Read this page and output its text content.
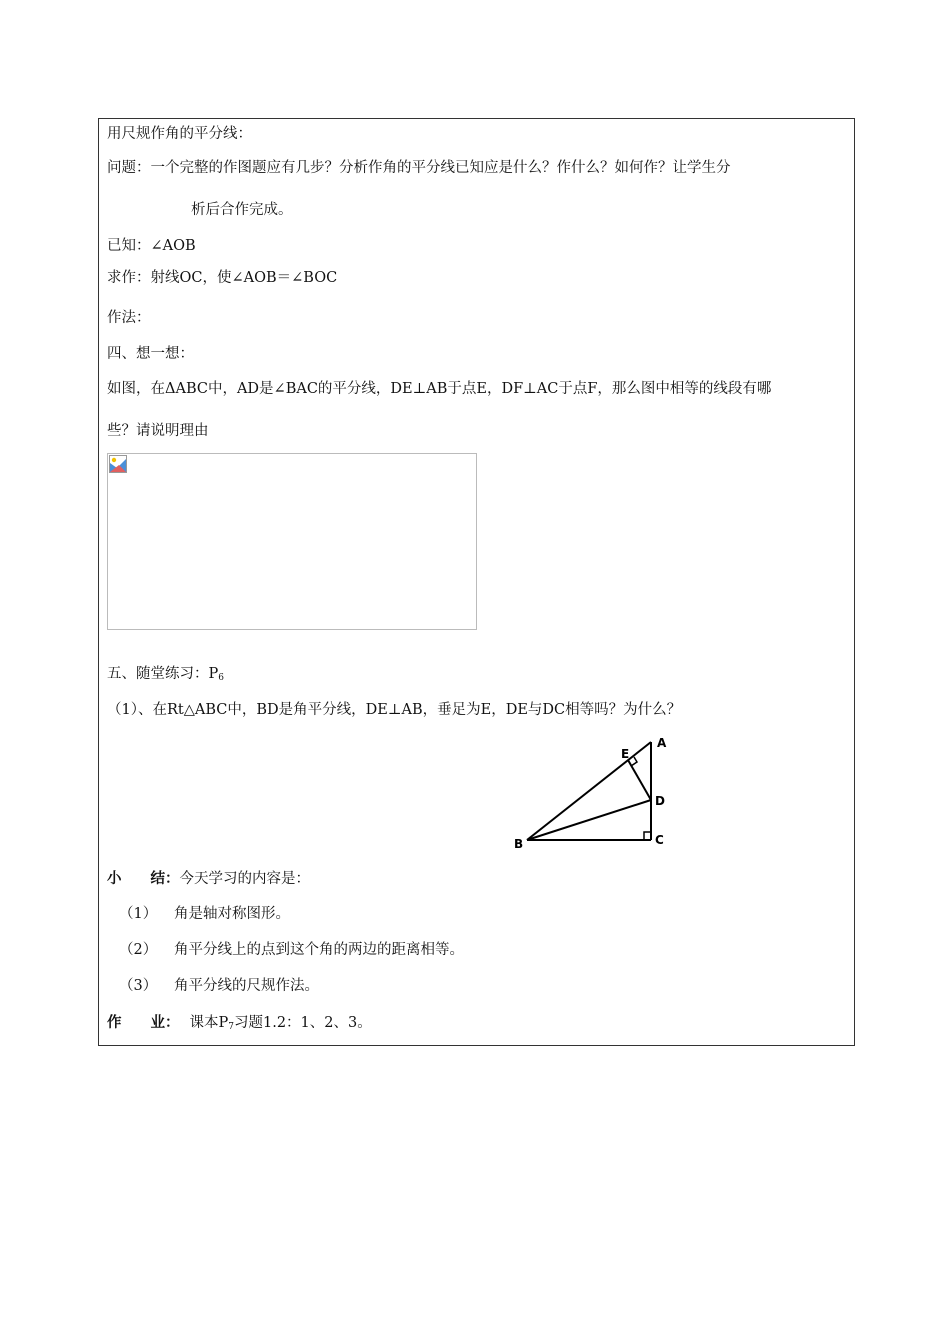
用尺规作角的平分线：
问题：一个完整的作图题应有几步？分析作角的平分线已知应是什么？作什么？如何作？让学生分
析后合作完成。
已知：∠AOB
求作：射线OC，使∠AOB＝∠BOC
作法：
四、想一想：
如图，在ΔABC中，AD是∠BAC的平分线，DE⊥AB于点E，DF⊥AC于点F，那么图中相等的线段有哪
些？请说明理由
五、随堂练习：$P_6$
（1）、在Rt△ABC中，BD是角平分线，DE⊥AB，垂足为E，DE与DC相等吗？为什么？
A
E
D
C
B
小　　结：今天学习的内容是：
（1） 角是轴对称图形。
（2） 角平分线上的点到这个角的两边的距离相等。
（3） 角平分线的尺规作法。
作　　业： 课本$P_7$习题1.2：1、2、3。
